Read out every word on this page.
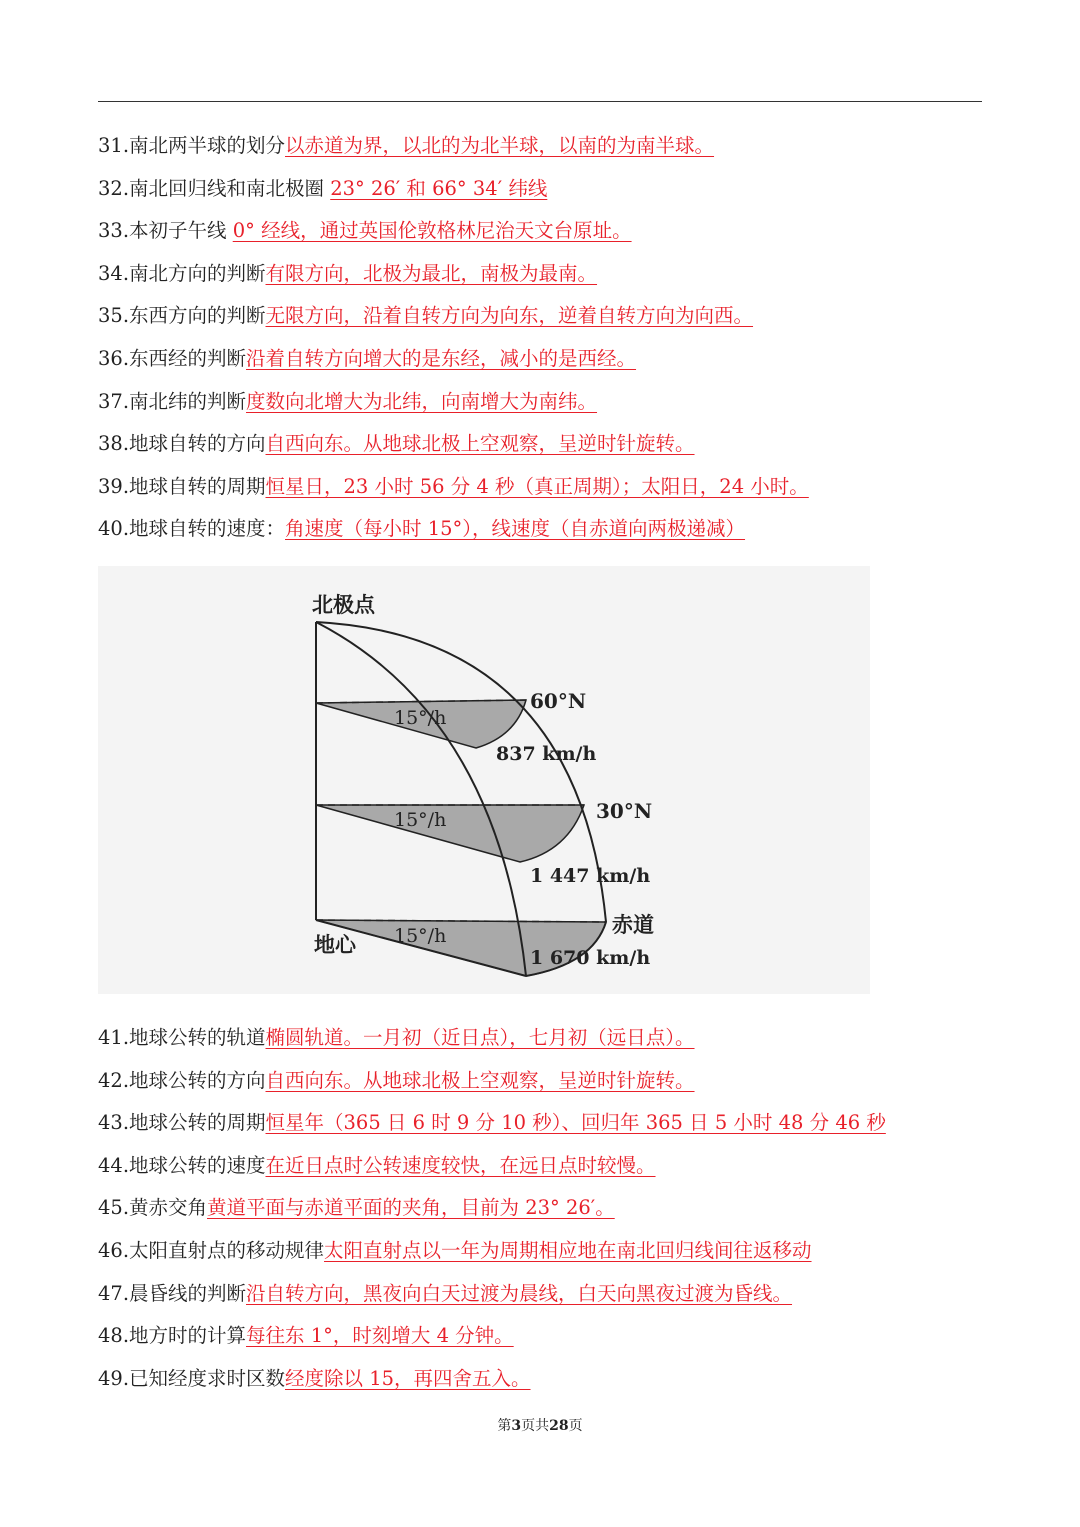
31.南北两半球的划分以赤道为界，以北的为北半球，以南的为南半球。
32.南北回归线和南北极圈 23° 26′ 和 66° 34′ 纬线
33.本初子午线 0° 经线，通过英国伦敦格林尼治天文台原址。
34.南北方向的判断有限方向，北极为最北，南极为最南。
35.东西方向的判断无限方向，沿着自转方向为向东，逆着自转方向为向西。
36.东西经的判断沿着自转方向增大的是东经，减小的是西经。
37.南北纬的判断度数向北增大为北纬，向南增大为南纬。
38.地球自转的方向自西向东。从地球北极上空观察，呈逆时针旋转。
39.地球自转的周期恒星日，23 小时 56 分 4 秒（真正周期）；太阳日，24 小时。
40.地球自转的速度：角速度（每小时 15°），线速度（自赤道向两极递减）
北极点
地心
赤道
60°N
30°N
15°/h
15°/h
15°/h
837 km/h
1 447 km/h
1 670 km/h
41.地球公转的轨道椭圆轨道。一月初（近日点），七月初（远日点）。
42.地球公转的方向自西向东。从地球北极上空观察，呈逆时针旋转。
43.地球公转的周期恒星年（365 日 6 时 9 分 10 秒）、回归年 365 日 5 小时 48 分 46 秒
44.地球公转的速度在近日点时公转速度较快，在远日点时较慢。
45.黄赤交角黄道平面与赤道平面的夹角，目前为 23° 26′。
46.太阳直射点的移动规律太阳直射点以一年为周期相应地在南北回归线间往返移动
47.晨昏线的判断沿自转方向，黑夜向白天过渡为晨线，白天向黑夜过渡为昏线。
48.地方时的计算每往东 1°，时刻增大 4 分钟。
49.已知经度求时区数经度除以 15，再四舍五入。
第3页共28页
